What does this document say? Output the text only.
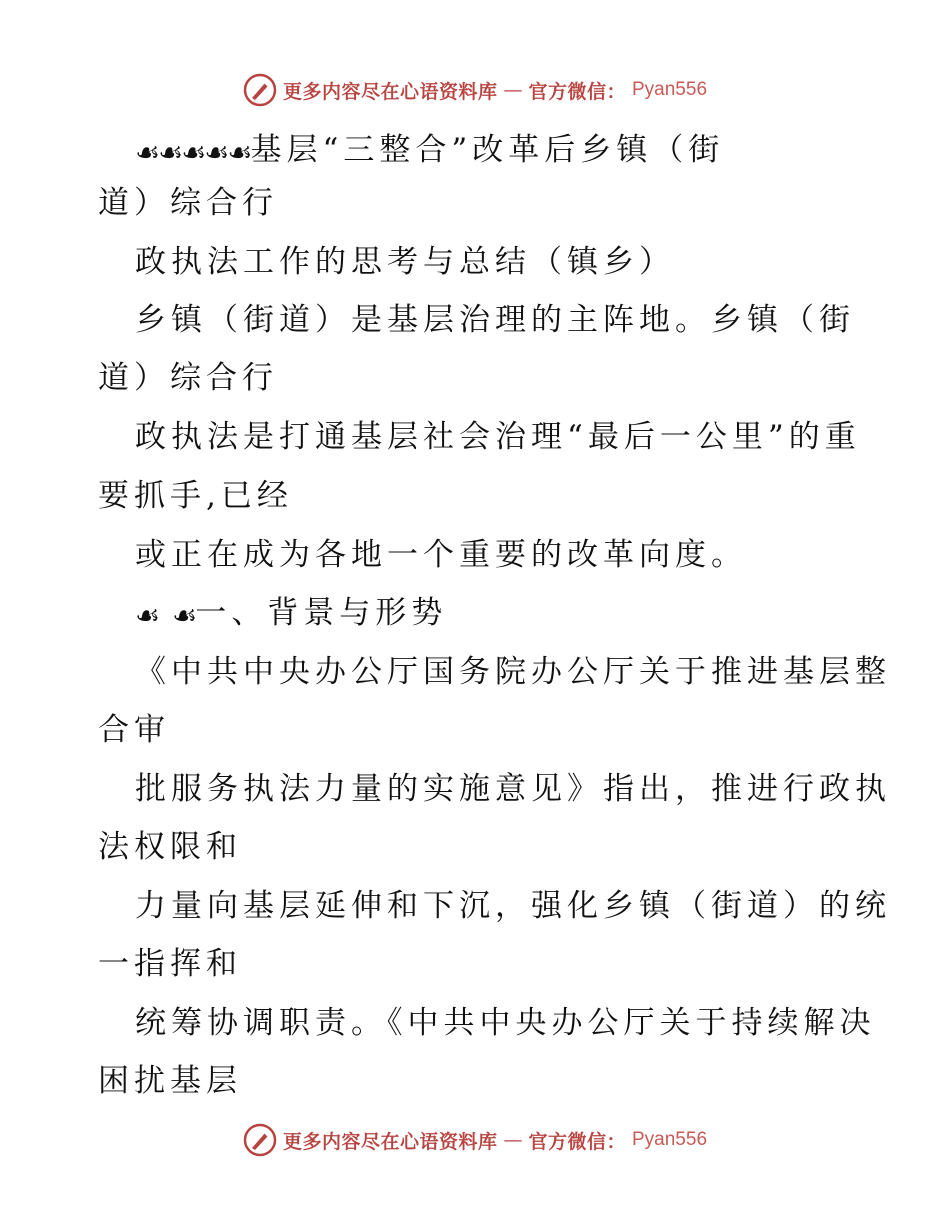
更多内容尽在心语资料库 — 官方微信： Pyan556
☙☙☙☙☙基层“三整合”改革后乡镇（街
道）综合行
政执法工作的思考与总结（镇乡）
乡镇（街道）是基层治理的主阵地。乡镇（街
道）综合行
政执法是打通基层社会治理“最后一公里”的重
要抓手,已经
或正在成为各地一个重要的改革向度。
☙ ☙一、背景与形势
《中共中央办公厅国务院办公厅关于推进基层整
合审
批服务执法力量的实施意见》指出，推进行政执
法权限和
力量向基层延伸和下沉，强化乡镇（街道）的统
一指挥和
统筹协调职责。《中共中央办公厅关于持续解决
困扰基层
更多内容尽在心语资料库 — 官方微信： Pyan556
